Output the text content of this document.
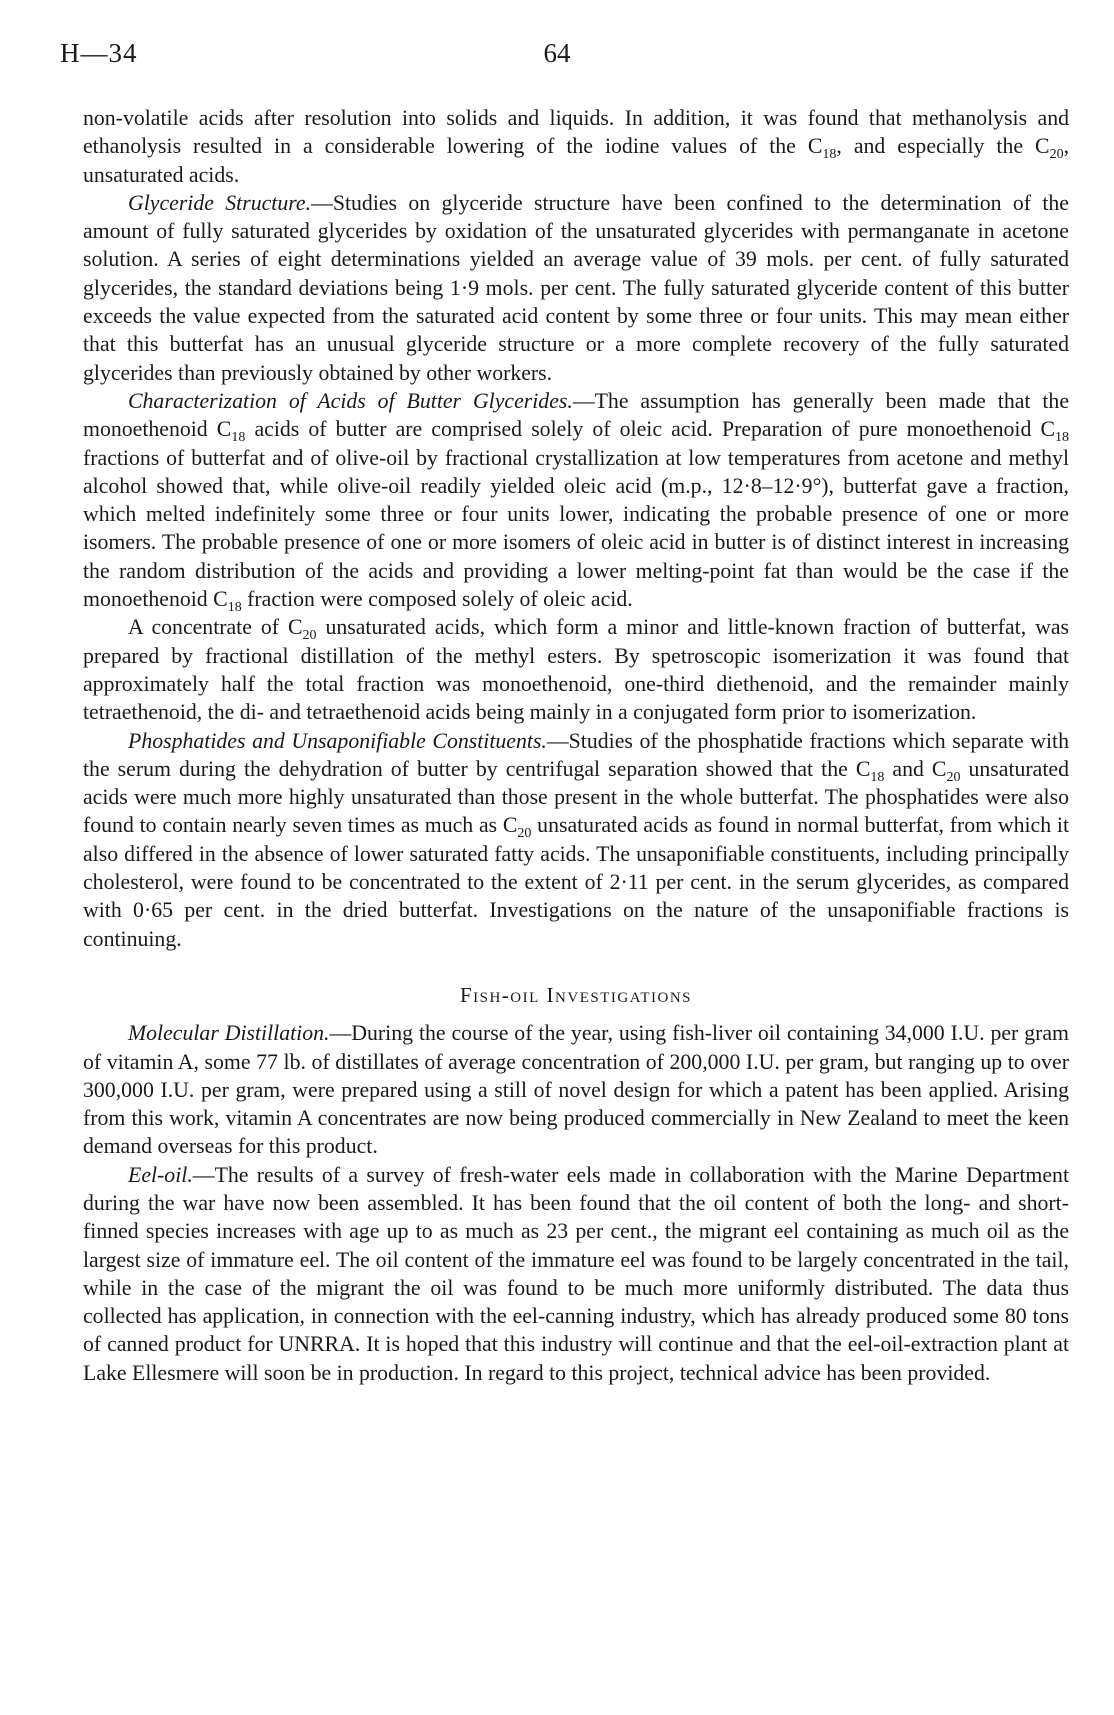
H—34	64

non-volatile acids after resolution into solids and liquids. In addition, it was found that methanolysis and ethanolysis resulted in a considerable lowering of the iodine values of the $C_{18}$, and especially the $C_{20}$, unsaturated acids.

Glyceride Structure.—Studies on glyceride structure have been confined to the determination of the amount of fully saturated glycerides by oxidation of the unsaturated glycerides with permanganate in acetone solution. A series of eight determinations yielded an average value of 39 mols. per cent. of fully saturated glycerides, the standard deviations being 1·9 mols. per cent. The fully saturated glyceride content of this butter exceeds the value expected from the saturated acid content by some three or four units. This may mean either that this butterfat has an unusual glyceride structure or a more complete recovery of the fully saturated glycerides than previously obtained by other workers.

Characterization of Acids of Butter Glycerides.—The assumption has generally been made that the monoethenoid $C_{18}$ acids of butter are comprised solely of oleic acid. Preparation of pure monoethenoid $C_{18}$ fractions of butterfat and of olive-oil by fractional crystallization at low temperatures from acetone and methyl alcohol showed that, while olive-oil readily yielded oleic acid (m.p., 12·8–12·9°), butterfat gave a fraction, which melted indefinitely some three or four units lower, indicating the probable presence of one or more isomers. The probable presence of one or more isomers of oleic acid in butter is of distinct interest in increasing the random distribution of the acids and providing a lower melting-point fat than would be the case if the monoethenoid $C_{18}$ fraction were composed solely of oleic acid.

A concentrate of $C_{20}$ unsaturated acids, which form a minor and little-known fraction of butterfat, was prepared by fractional distillation of the methyl esters. By spetroscopic isomerization it was found that approximately half the total fraction was monoethenoid, one-third diethenoid, and the remainder mainly tetraethenoid, the di- and tetraethenoid acids being mainly in a conjugated form prior to isomerization.

Phosphatides and Unsaponifiable Constituents.—Studies of the phosphatide fractions which separate with the serum during the dehydration of butter by centrifugal separation showed that the $C_{18}$ and $C_{20}$ unsaturated acids were much more highly unsaturated than those present in the whole butterfat. The phosphatides were also found to contain nearly seven times as much as $C_{20}$ unsaturated acids as found in normal butterfat, from which it also differed in the absence of lower saturated fatty acids. The unsaponifiable constituents, including principally cholesterol, were found to be concentrated to the extent of 2·11 per cent. in the serum glycerides, as compared with 0·65 per cent. in the dried butterfat. Investigations on the nature of the unsaponifiable fractions is continuing.

Fish-oil Investigations

Molecular Distillation.—During the course of the year, using fish-liver oil containing 34,000 I.U. per gram of vitamin A, some 77 lb. of distillates of average concentration of 200,000 I.U. per gram, but ranging up to over 300,000 I.U. per gram, were prepared using a still of novel design for which a patent has been applied. Arising from this work, vitamin A concentrates are now being produced commercially in New Zealand to meet the keen demand overseas for this product.

Eel-oil.—The results of a survey of fresh-water eels made in collaboration with the Marine Department during the war have now been assembled. It has been found that the oil content of both the long- and short-finned species increases with age up to as much as 23 per cent., the migrant eel containing as much oil as the largest size of immature eel. The oil content of the immature eel was found to be largely concentrated in the tail, while in the case of the migrant the oil was found to be much more uniformly distributed. The data thus collected has application, in connection with the eel-canning industry, which has already produced some 80 tons of canned product for UNRRA. It is hoped that this industry will continue and that the eel-oil-extraction plant at Lake Ellesmere will soon be in production. In regard to this project, technical advice has been provided.
